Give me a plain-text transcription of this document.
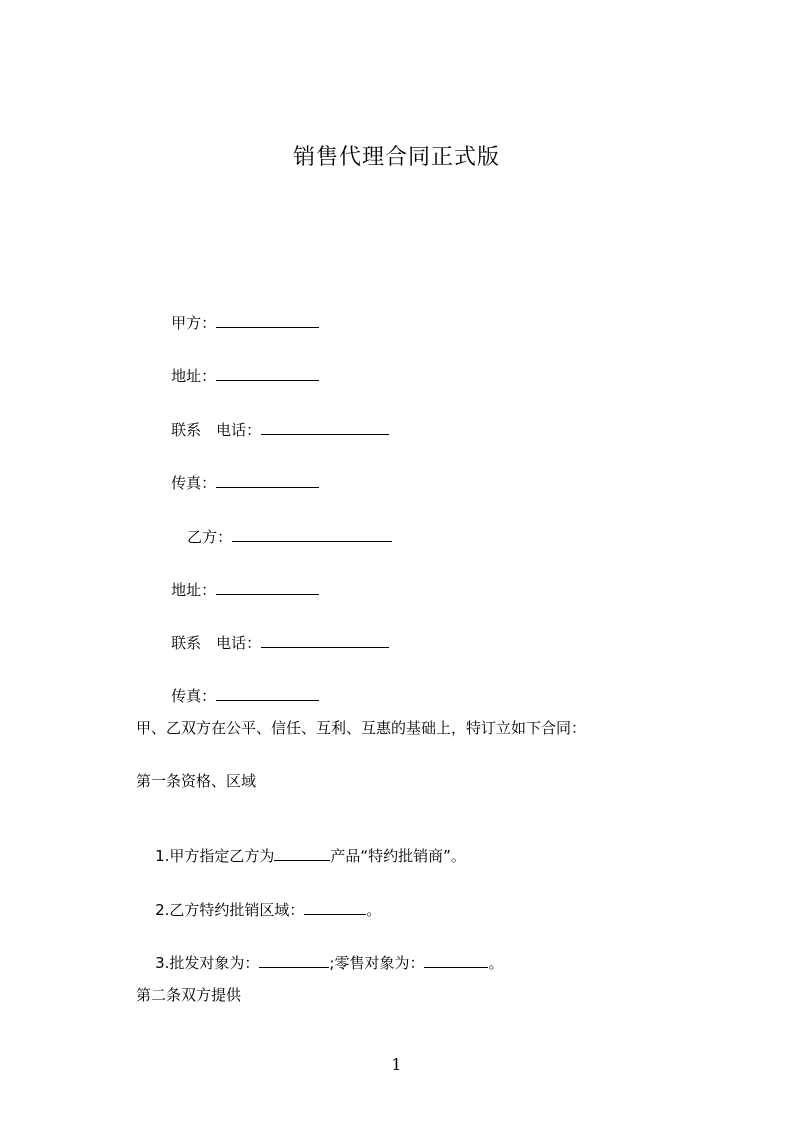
销售代理合同正式版

甲方：

地址：

联系　电话：

传真：

乙方：

地址：

联系　电话：

传真：

甲、乙双方在公平、信任、互利、互惠的基础上，特订立如下合同：
第一条资格、区域

1.甲方指定乙方为	产品“特约批销商”。

2.乙方特约批销区域：	。

3.批发对象为：	;零售对象为：	。

第二条双方提供
1
